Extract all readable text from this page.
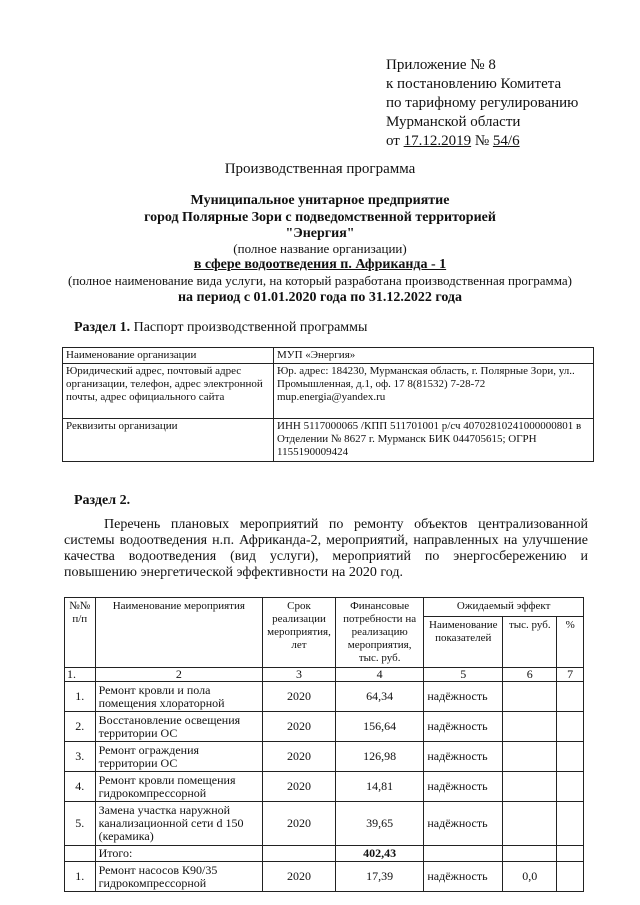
Приложение № 8
к постановлению Комитета
по тарифному регулированию
Мурманской области
от 17.12.2019 № 54/6
Производственная программа
Муниципальное унитарное предприятие
город Полярные Зори с подведомственной территорией
"Энергия"
(полное название организации)
в сфере водоотведения п. Африканда - 1
(полное наименование вида услуги, на который разработана производственная программа)
на период с 01.01.2020 года по 31.12.2022 года
Раздел 1. Паспорт производственной программы
Наименование организации	МУП «Энергия»
Юридический адрес, почтовый адрес организации, телефон, адрес электронной почты, адрес официального сайта	Юр. адрес: 184230, Мурманская область, г. Полярные Зори, ул.. Промышленная, д.1, оф. 17 8(81532) 7-28-72 mup.energia@yandex.ru
Реквизиты организации	ИНН 5117000065 /КПП 511701001 р/сч 40702810241000000801 в Отделении № 8627 г. Мурманск БИК 044705615; ОГРН 1155190009424
Раздел 2.
Перечень плановых мероприятий по ремонту объектов централизованной системы водоотведения н.п. Африканда-2, мероприятий, направленных на улучшение качества водоотведения (вид услуги), мероприятий по энергосбережению и повышению энергетической эффективности на 2020 год.
№№ п/п	Наименование мероприятия	Срок реализации мероприятия, лет	Финансовые потребности на реализацию мероприятия, тыс. руб.	Ожидаемый эффект		
				Наименование показателей	тыс. руб.	%
1.	2	3	4	5	6	7
1.	Ремонт кровли и пола помещения хлораторной	2020	64,34	надёжность		
2.	Восстановление освещения территории ОС	2020	156,64	надёжность		
3.	Ремонт ограждения территории ОС	2020	126,98	надёжность		
4.	Ремонт кровли помещения гидрокомпрессорной	2020	14,81	надёжность		
5.	Замена участка наружной канализационной сети d 150 (керамика)	2020	39,65	надёжность		
	Итого:		402,43			
1.	Ремонт насосов К90/35 гидрокомпрессорной	2020	17,39	надёжность	0,0	
